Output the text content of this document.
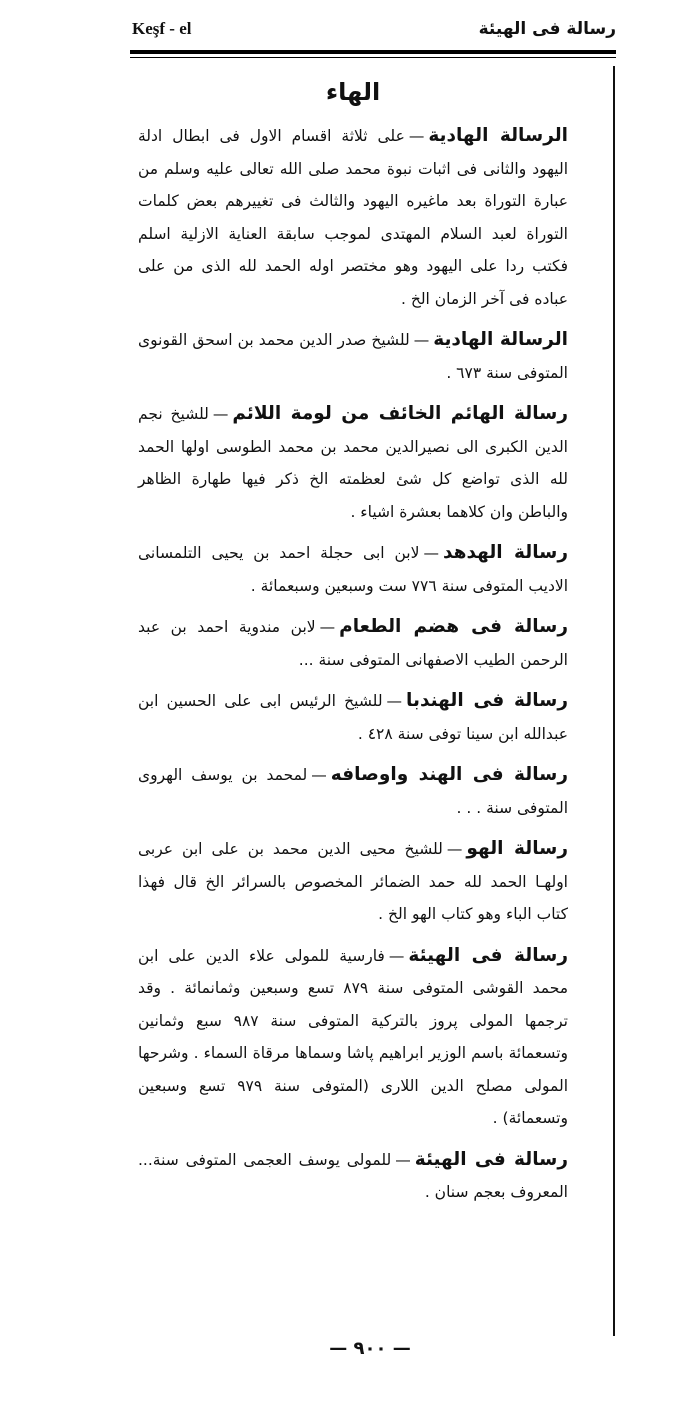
Keşf - el	رسالة فى الهيئة
الهاء

الرسالة الهادية—على ثلاثة اقسام الاول فى ابطال ادلة اليهود والثانى فى اثبات نبوة محمد صلى الله تعالى عليه وسلم من عبارة التوراة بعد ماغيره اليهود والثالث فى تغييرهم بعض كلمات التوراة لعبد السلام المهتدى لموجب سابقة العناية الازلية اسلم فكتب ردا على اليهود وهو مختصر اوله الحمد لله الذى من على عباده فى آخر الزمان الخ .

الرسالة الهادية—للشيخ صدر الدين محمد بن اسحق القونوى المتوفى سنة ٦٧٣ .

رسالة الهائم الخائف من لومة اللائم—للشيخ نجم الدين الكبرى الى نصيرالدين محمد بن محمد الطوسى اولها الحمد لله الذى تواضع كل شئ لعظمته الخ ذكر فيها طهارة الظاهر والباطن وان كلاهما بعشرة اشياء .

رسالة الهدهد—لابن ابى حجلة احمد بن يحيى التلمسانى الاديب المتوفى سنة ٧٧٦ ست وسبعين وسبعمائة .

رسالة فى هضم الطعام—لابن مندوية احمد بن عبد الرحمن الطيب الاصفهانى المتوفى سنة ...

رسالة فى الهندبا—للشيخ الرئيس ابى على الحسين ابن عبدالله ابن سينا توفى سنة ٤٢٨ .

رسالة فى الهند واوصافه—لمحمد بن يوسف الهروى المتوفى سنة . . .

رسالة الهو—للشيخ محيى الدين محمد بن على ابن عربى اولهـا الحمد لله حمد الضمائر المخصوص بالسرائر الخ قال فهذا كتاب الباء وهو كتاب الهو الخ .

رسالة فى الهيئة—فارسية للمولى علاء الدين على ابن محمد القوشى المتوفى سنة ٨٧٩ تسع وسبعين وثمانمائة . وقد ترجمها المولى پروز بالتركية المتوفى سنة ٩٨٧ سبع وثمانين وتسعمائة باسم الوزير ابراهيم پاشا وسماها مرقاة السماء . وشرحها المولى مصلح الدين اللارى (المتوفى سنة ٩٧٩ تسع وسبعين وتسعمائة) .

رسالة فى الهيئة—للمولى يوسف العجمى المتوفى سنة... المعروف بعجم سنان .

— ٩٠٠ —
